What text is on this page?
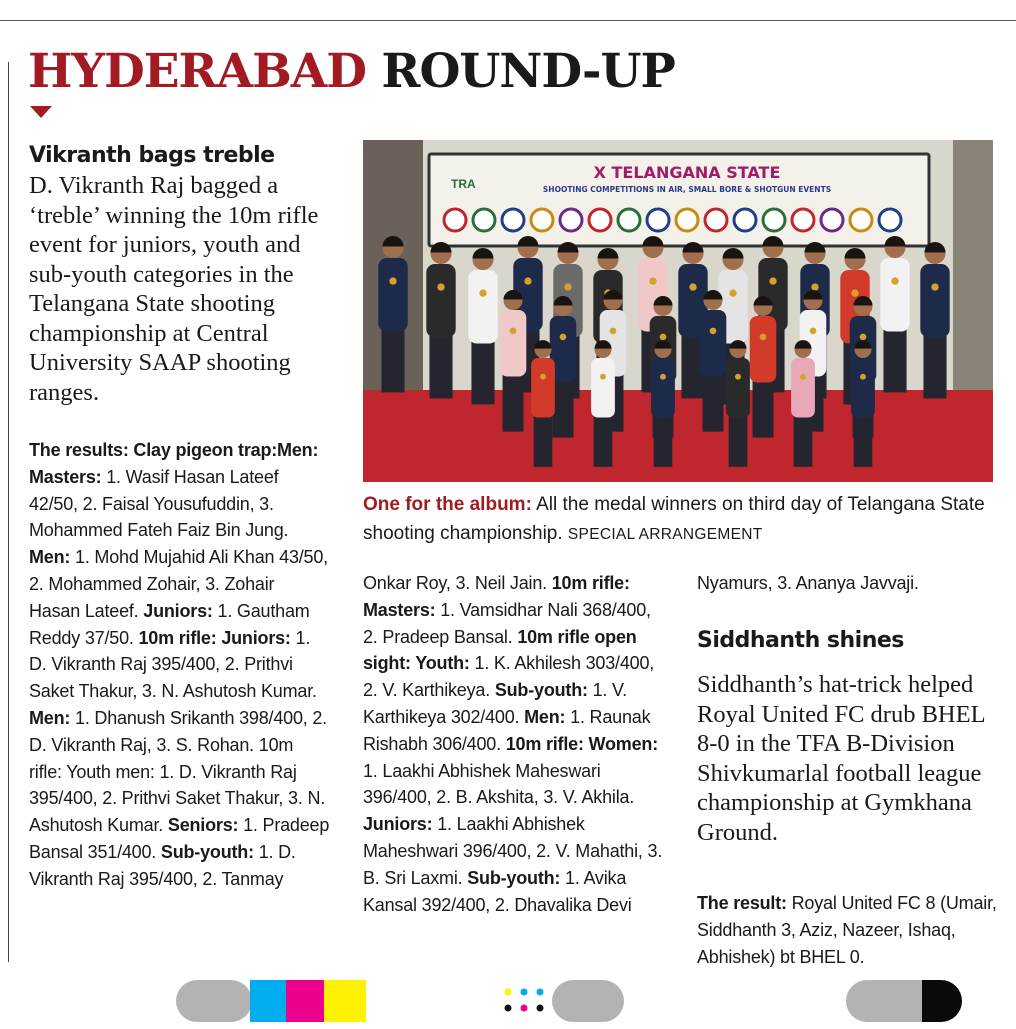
HYDERABAD ROUND-UP
Vikranth bags treble
D. Vikranth Raj bagged a ‘treble’ winning the 10m rifle event for juniors, youth and sub-youth categories in the Telangana State shooting championship at Central University SAAP shooting ranges.
The results: Clay pigeon trap:Men: Masters: 1. Wasif Hasan Lateef 42/50, 2. Faisal Yousufuddin, 3. Mohammed Fateh Faiz Bin Jung. Men: 1. Mohd Mujahid Ali Khan 43/50, 2. Mohammed Zohair, 3. Zohair Hasan Lateef. Juniors: 1. Gautham Reddy 37/50. 10m rifle: Juniors: 1. D. Vikranth Raj 395/400, 2. Prithvi Saket Thakur, 3. N. Ashutosh Kumar. Men: 1. Dhanush Srikanth 398/400, 2. D. Vikranth Raj, 3. S. Rohan. 10m rifle: Youth men: 1. D. Vikranth Raj 395/400, 2. Prithvi Saket Thakur, 3. N. Ashutosh Kumar. Seniors: 1. Pradeep Bansal 351/400. Sub-youth: 1. D. Vikranth Raj 395/400, 2. Tanmay
Onkar Roy, 3. Neil Jain. 10m rifle: Masters: 1. Vamsidhar Nali 368/400, 2. Pradeep Bansal. 10m rifle open sight: Youth: 1. K. Akhilesh 303/400, 2. V. Karthikeya. Sub-youth: 1. V. Karthikeya 302/400. Men: 1. Raunak Rishabh 306/400. 10m rifle: Women: 1. Laakhi Abhishek Maheswari 396/400, 2. B. Akshita, 3. V. Akhila. Juniors: 1. Laakhi Abhishek Maheshwari 396/400, 2. V. Mahathi, 3. B. Sri Laxmi. Sub-youth: 1. Avika Kansal 392/400, 2. Dhavalika Devi
Nyamurs, 3. Ananya Javvaji.
TRA
X TELANGANA STATE
SHOOTING COMPETITIONS IN AIR, SMALL BORE & SHOTGUN EVENTS
One for the album: All the medal winners on third day of Telangana State shooting championship. SPECIAL ARRANGEMENT
Siddhanth shines
Siddhanth’s hat-trick helped Royal United FC drub BHEL 8-0 in the TFA B-Division Shivkumarlal football league championship at Gymkhana Ground.
The result: Royal United FC 8 (Umair, Siddhanth 3, Aziz, Nazeer, Ishaq, Abhishek) bt BHEL 0.
